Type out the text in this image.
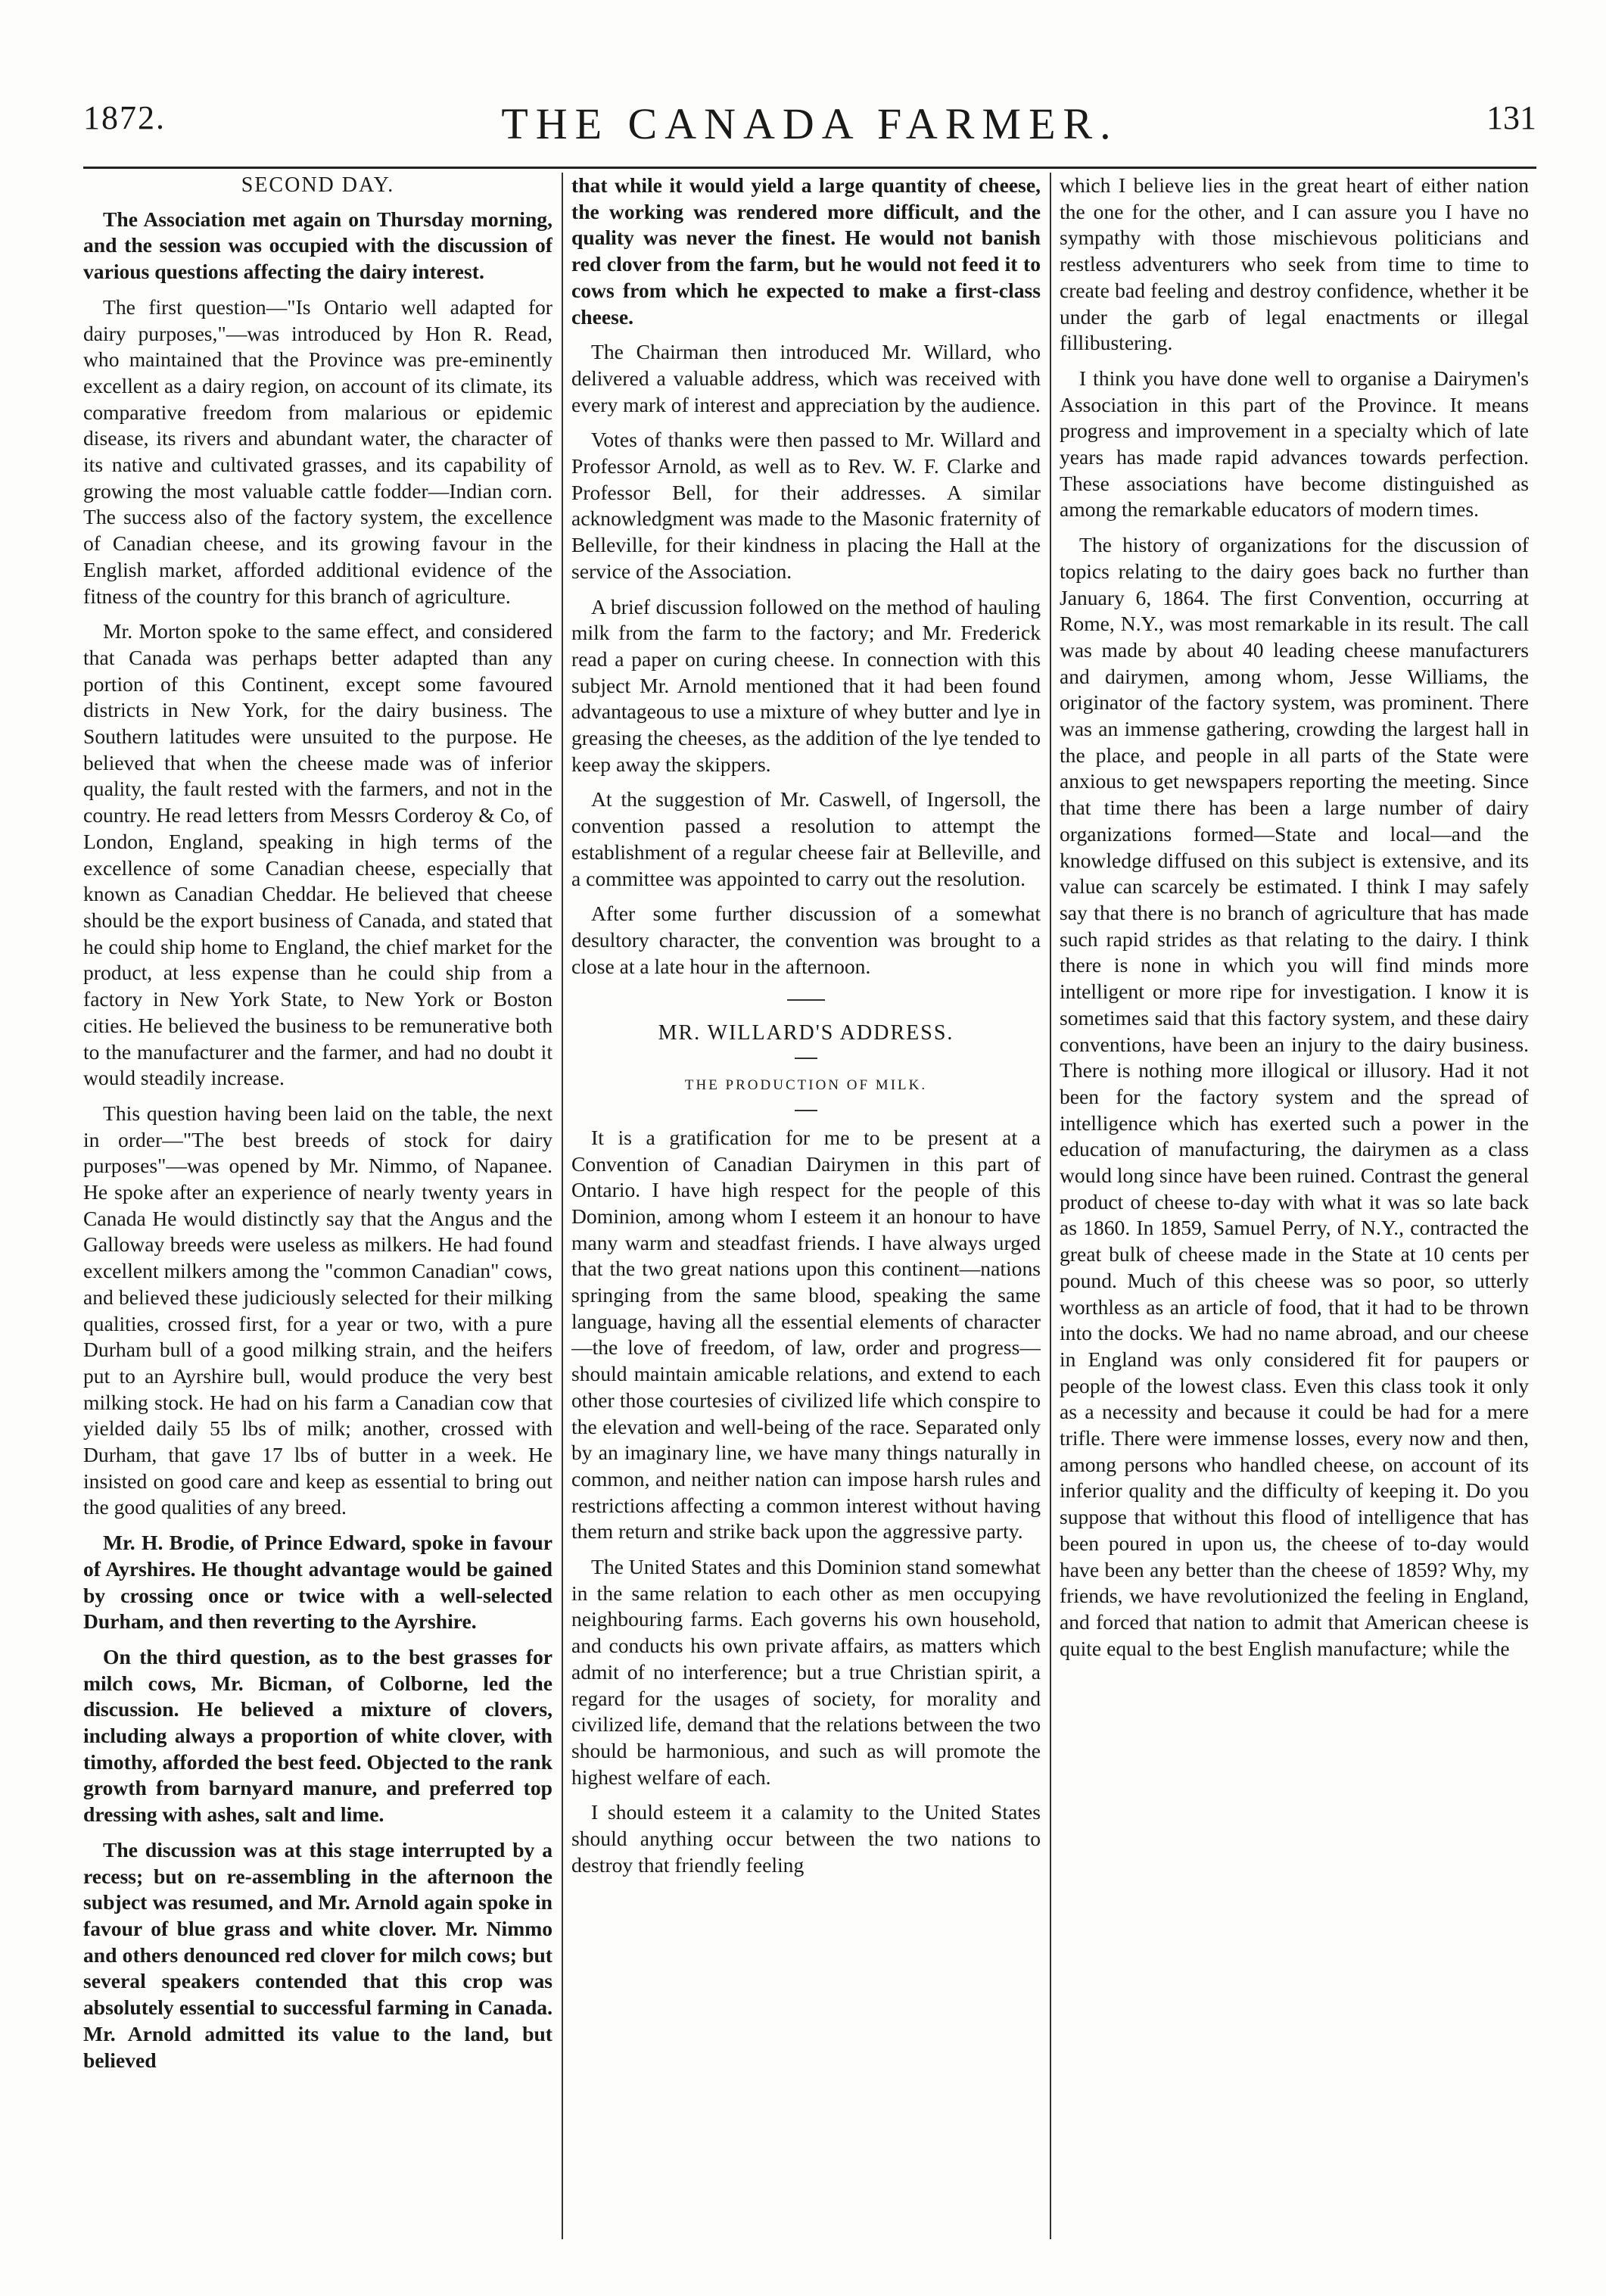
1872.	THE CANADA FARMER.	131
SECOND DAY.

The Association met again on Thursday morning, and the session was occupied with the discussion of various questions affecting the dairy interest.

The first question—"Is Ontario well adapted for dairy purposes,"—was introduced by Hon R. Read, who maintained that the Province was pre-eminently excellent as a dairy region, on account of its climate, its comparative freedom from malarious or epidemic disease, its rivers and abundant water, the character of its native and cultivated grasses, and its capability of growing the most valuable cattle fodder—Indian corn. The success also of the factory system, the excellence of Canadian cheese, and its growing favour in the English market, afforded additional evidence of the fitness of the country for this branch of agriculture.

Mr. Morton spoke to the same effect, and considered that Canada was perhaps better adapted than any portion of this Continent, except some favoured districts in New York, for the dairy business. The Southern latitudes were unsuited to the purpose. He believed that when the cheese made was of inferior quality, the fault rested with the farmers, and not in the country. He read letters from Messrs Corderoy & Co, of London, England, speaking in high terms of the excellence of some Canadian cheese, especially that known as Canadian Cheddar. He believed that cheese should be the export business of Canada, and stated that he could ship home to England, the chief market for the product, at less expense than he could ship from a factory in New York State, to New York or Boston cities. He believed the business to be remunerative both to the manufacturer and the farmer, and had no doubt it would steadily increase.

This question having been laid on the table, the next in order—"The best breeds of stock for dairy purposes"—was opened by Mr. Nimmo, of Napanee. He spoke after an experience of nearly twenty years in Canada He would distinctly say that the Angus and the Galloway breeds were useless as milkers. He had found excellent milkers among the "common Canadian" cows, and believed these judiciously selected for their milking qualities, crossed first, for a year or two, with a pure Durham bull of a good milking strain, and the heifers put to an Ayrshire bull, would produce the very best milking stock. He had on his farm a Canadian cow that yielded daily 55 lbs of milk; another, crossed with Durham, that gave 17 lbs of butter in a week. He insisted on good care and keep as essential to bring out the good qualities of any breed.

Mr. H. Brodie, of Prince Edward, spoke in favour of Ayrshires. He thought advantage would be gained by crossing once or twice with a well-selected Durham, and then reverting to the Ayrshire.

On the third question, as to the best grasses for milch cows, Mr. Bicman, of Colborne, led the discussion. He believed a mixture of clovers, including always a proportion of white clover, with timothy, afforded the best feed. Objected to the rank growth from barnyard manure, and preferred top dressing with ashes, salt and lime.

The discussion was at this stage interrupted by a recess; but on re-assembling in the afternoon the subject was resumed, and Mr. Arnold again spoke in favour of blue grass and white clover. Mr. Nimmo and others denounced red clover for milch cows; but several speakers contended that this crop was absolutely essential to successful farming in Canada. Mr. Arnold admitted its value to the land, but believed

that while it would yield a large quantity of cheese, the working was rendered more difficult, and the quality was never the finest. He would not banish red clover from the farm, but he would not feed it to cows from which he expected to make a first-class cheese.

The Chairman then introduced Mr. Willard, who delivered a valuable address, which was received with every mark of interest and appreciation by the audience.

Votes of thanks were then passed to Mr. Willard and Professor Arnold, as well as to Rev. W. F. Clarke and Professor Bell, for their addresses. A similar acknowledgment was made to the Masonic fraternity of Belleville, for their kindness in placing the Hall at the service of the Association.

A brief discussion followed on the method of hauling milk from the farm to the factory; and Mr. Frederick read a paper on curing cheese. In connection with this subject Mr. Arnold mentioned that it had been found advantageous to use a mixture of whey butter and lye in greasing the cheeses, as the addition of the lye tended to keep away the skippers.

At the suggestion of Mr. Caswell, of Ingersoll, the convention passed a resolution to attempt the establishment of a regular cheese fair at Belleville, and a committee was appointed to carry out the resolution.

After some further discussion of a somewhat desultory character, the convention was brought to a close at a late hour in the afternoon.

MR. WILLARD'S ADDRESS.
THE PRODUCTION OF MILK.

It is a gratification for me to be present at a Convention of Canadian Dairymen in this part of Ontario. I have high respect for the people of this Dominion, among whom I esteem it an honour to have many warm and steadfast friends. I have always urged that the two great nations upon this continent—nations springing from the same blood, speaking the same language, having all the essential elements of character—the love of freedom, of law, order and progress—should maintain amicable relations, and extend to each other those courtesies of civilized life which conspire to the elevation and well-being of the race. Separated only by an imaginary line, we have many things naturally in common, and neither nation can impose harsh rules and restrictions affecting a common interest without having them return and strike back upon the aggressive party.

The United States and this Dominion stand somewhat in the same relation to each other as men occupying neighbouring farms. Each governs his own household, and conducts his own private affairs, as matters which admit of no interference; but a true Christian spirit, a regard for the usages of society, for morality and civilized life, demand that the relations between the two should be harmonious, and such as will promote the highest welfare of each.

I should esteem it a calamity to the United States should anything occur between the two nations to destroy that friendly feeling

which I believe lies in the great heart of either nation the one for the other, and I can assure you I have no sympathy with those mischievous politicians and restless adventurers who seek from time to time to create bad feeling and destroy confidence, whether it be under the garb of legal enactments or illegal fillibustering.

I think you have done well to organise a Dairymen's Association in this part of the Province. It means progress and improvement in a specialty which of late years has made rapid advances towards perfection. These associations have become distinguished as among the remarkable educators of modern times.

The history of organizations for the discussion of topics relating to the dairy goes back no further than January 6, 1864. The first Convention, occurring at Rome, N.Y., was most remarkable in its result. The call was made by about 40 leading cheese manufacturers and dairymen, among whom, Jesse Williams, the originator of the factory system, was prominent. There was an immense gathering, crowding the largest hall in the place, and people in all parts of the State were anxious to get newspapers reporting the meeting. Since that time there has been a large number of dairy organizations formed—State and local—and the knowledge diffused on this subject is extensive, and its value can scarcely be estimated. I think I may safely say that there is no branch of agriculture that has made such rapid strides as that relating to the dairy. I think there is none in which you will find minds more intelligent or more ripe for investigation. I know it is sometimes said that this factory system, and these dairy conventions, have been an injury to the dairy business. There is nothing more illogical or illusory. Had it not been for the factory system and the spread of intelligence which has exerted such a power in the education of manufacturing, the dairymen as a class would long since have been ruined. Contrast the general product of cheese to-day with what it was so late back as 1860. In 1859, Samuel Perry, of N.Y., contracted the great bulk of cheese made in the State at 10 cents per pound. Much of this cheese was so poor, so utterly worthless as an article of food, that it had to be thrown into the docks. We had no name abroad, and our cheese in England was only considered fit for paupers or people of the lowest class. Even this class took it only as a necessity and because it could be had for a mere trifle. There were immense losses, every now and then, among persons who handled cheese, on account of its inferior quality and the difficulty of keeping it. Do you suppose that without this flood of intelligence that has been poured in upon us, the cheese of to-day would have been any better than the cheese of 1859? Why, my friends, we have revolutionized the feeling in England, and forced that nation to admit that American cheese is quite equal to the best English manufacture; while the
